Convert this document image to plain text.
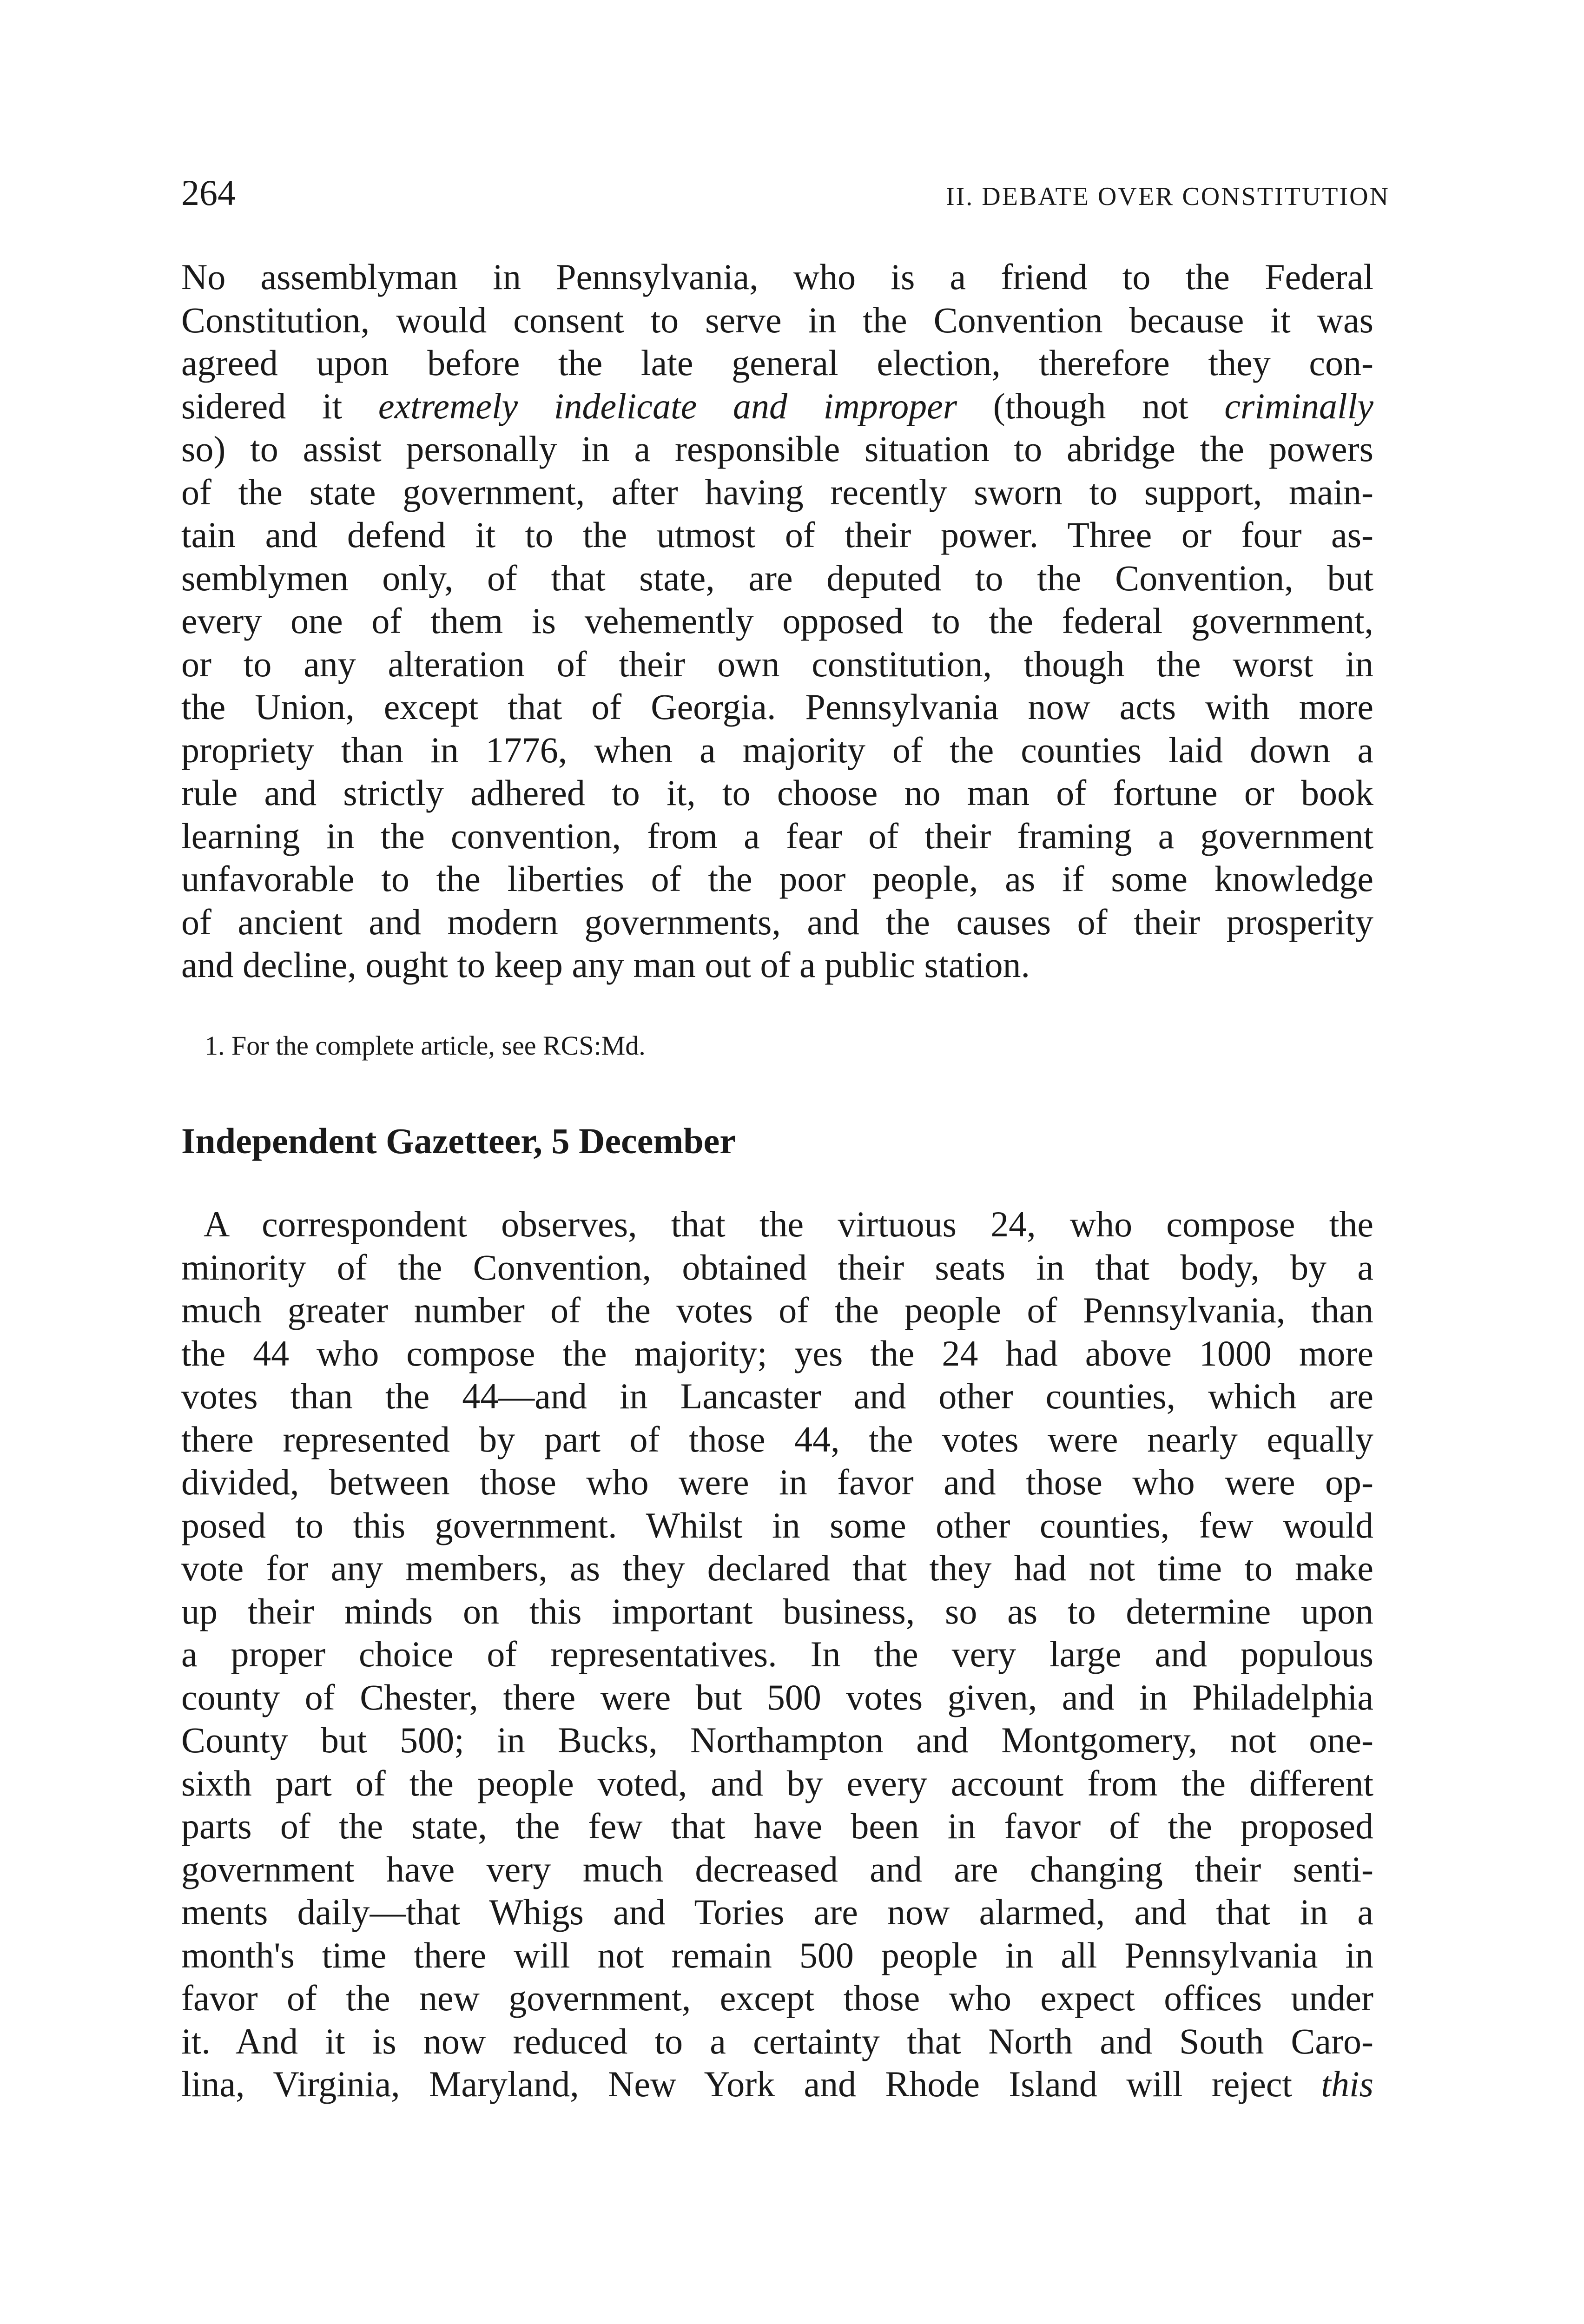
264	II. DEBATE OVER CONSTITUTION
No assemblyman in Pennsylvania, who is a friend to the Federal
Constitution, would consent to serve in the Convention because it was
agreed upon before the late general election, therefore they con-
sidered it extremely indelicate and improper (though not criminally
so) to assist personally in a responsible situation to abridge the powers
of the state government, after having recently sworn to support, main-
tain and defend it to the utmost of their power. Three or four as-
semblymen only, of that state, are deputed to the Convention, but
every one of them is vehemently opposed to the federal government,
or to any alteration of their own constitution, though the worst in
the Union, except that of Georgia. Pennsylvania now acts with more
propriety than in 1776, when a majority of the counties laid down a
rule and strictly adhered to it, to choose no man of fortune or book
learning in the convention, from a fear of their framing a government
unfavorable to the liberties of the poor people, as if some knowledge
of ancient and modern governments, and the causes of their prosperity
and decline, ought to keep any man out of a public station.

1. For the complete article, see RCS:Md.

Independent Gazetteer, 5 December
A correspondent observes, that the virtuous 24, who compose the
minority of the Convention, obtained their seats in that body, by a
much greater number of the votes of the people of Pennsylvania, than
the 44 who compose the majority; yes the 24 had above 1000 more
votes than the 44—and in Lancaster and other counties, which are
there represented by part of those 44, the votes were nearly equally
divided, between those who were in favor and those who were op-
posed to this government. Whilst in some other counties, few would
vote for any members, as they declared that they had not time to make
up their minds on this important business, so as to determine upon
a proper choice of representatives. In the very large and populous
county of Chester, there were but 500 votes given, and in Philadelphia
County but 500; in Bucks, Northampton and Montgomery, not one-
sixth part of the people voted, and by every account from the different
parts of the state, the few that have been in favor of the proposed
government have very much decreased and are changing their senti-
ments daily—that Whigs and Tories are now alarmed, and that in a
month's time there will not remain 500 people in all Pennsylvania in
favor of the new government, except those who expect offices under
it. And it is now reduced to a certainty that North and South Caro-
lina, Virginia, Maryland, New York and Rhode Island will reject this
